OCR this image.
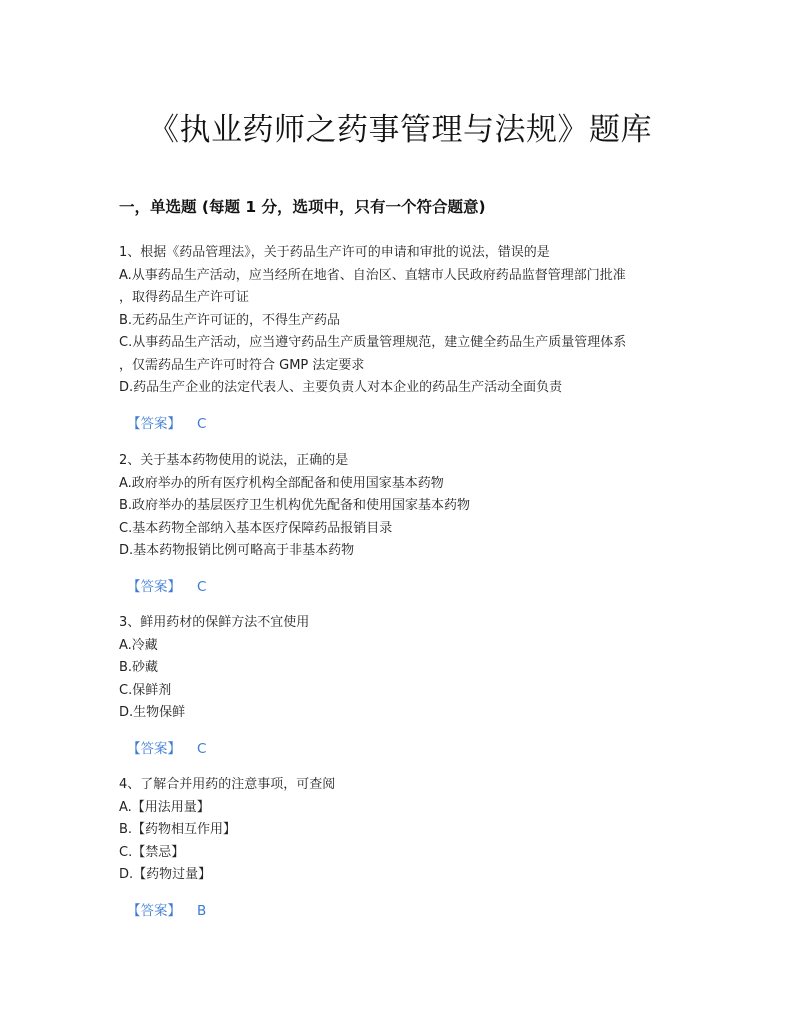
《执业药师之药事管理与法规》题库
一，单选题 (每题 1 分，选项中，只有一个符合题意)
1、根据《药品管理法》，关于药品生产许可的申请和审批的说法，错误的是
A.从事药品生产活动，应当经所在地省、自治区、直辖市人民政府药品监督管理部门批准
，取得药品生产许可证
B.无药品生产许可证的，不得生产药品
C.从事药品生产活动，应当遵守药品生产质量管理规范，建立健全药品生产质量管理体系
，仅需药品生产许可时符合 GMP 法定要求
D.药品生产企业的法定代表人、主要负责人对本企业的药品生产活动全面负责
【答案】 C
2、关于基本药物使用的说法，正确的是
A.政府举办的所有医疗机构全部配备和使用国家基本药物
B.政府举办的基层医疗卫生机构优先配备和使用国家基本药物
C.基本药物全部纳入基本医疗保障药品报销目录
D.基本药物报销比例可略高于非基本药物
【答案】 C
3、鲜用药材的保鲜方法不宜使用
A.冷藏
B.砂藏
C.保鲜剂
D.生物保鲜
【答案】 C
4、了解合并用药的注意事项，可查阅
A.【用法用量】
B.【药物相互作用】
C.【禁忌】
D.【药物过量】
【答案】 B
